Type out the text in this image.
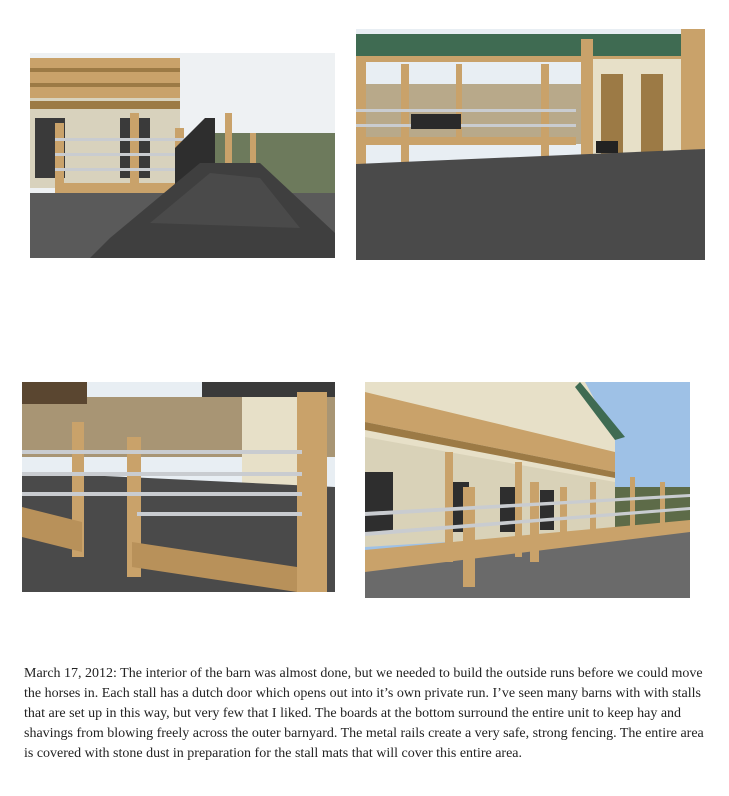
March 17, 2012: The interior of the barn was almost done, but we needed to build the outside runs before we could move the horses in. Each stall has a dutch door which opens out into it’s own private run. I’ve seen many barns with with stalls that are set up in this way, but very few that I liked. The boards at the bottom surround the entire unit to keep hay and shavings from blowing freely across the outer barnyard. The metal rails create a very safe, strong fencing. The entire area is covered with stone dust in preparation for the stall mats that will cover this entire area.
